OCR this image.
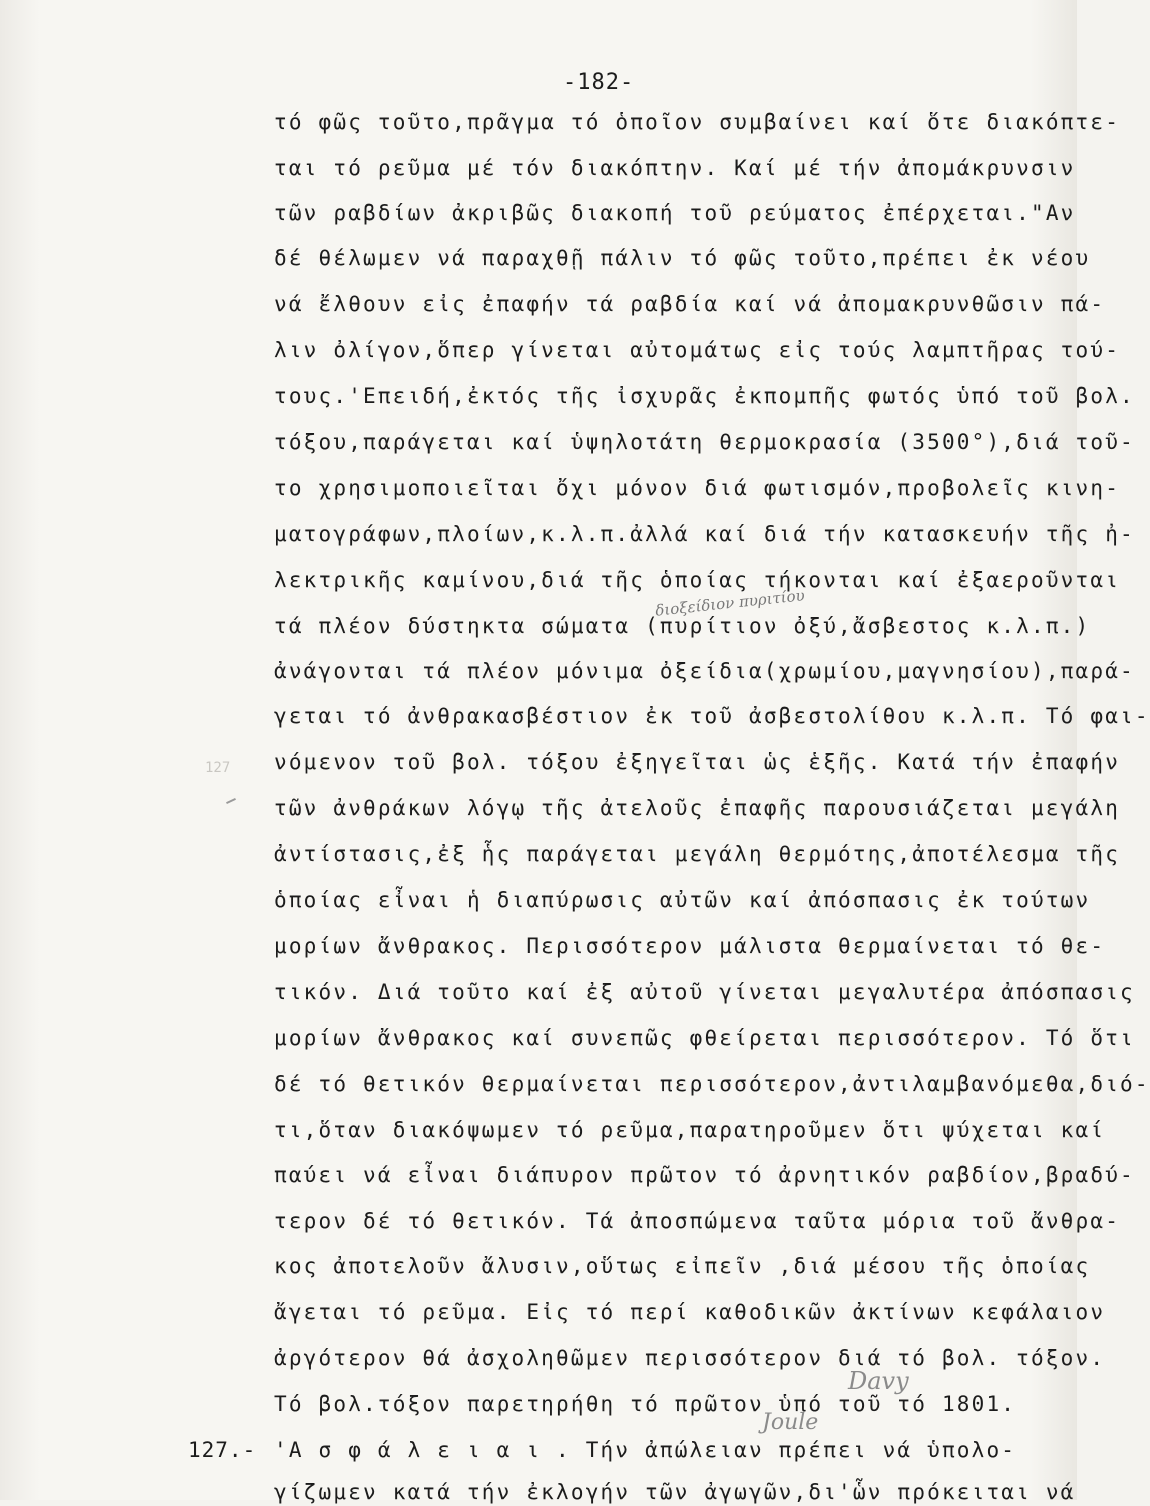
-182-
127
τό φῶς τοῦτο,πρᾶγμα τό ὁποῖον συμβαίνει καί ὅτε διακόπτε-
ται τό ρεῦμα μέ τόν διακόπτην. Καί μέ τήν ἀπομάκρυνσιν
τῶν ραβδίων ἀκριβῶς διακοπή τοῦ ρεύματος ἐπέρχεται."Αν
δέ θέλωμεν νά παραχθῇ πάλιν τό φῶς τοῦτο,πρέπει ἐκ νέου
νά ἔλθουν εἰς ἐπαφήν τά ραβδία καί νά ἀπομακρυνθῶσιν πά-
λιν ὀλίγον,ὅπερ γίνεται αὐτομάτως εἰς τούς λαμπτῆρας τού-
τους.'Επειδή,ἐκτός τῆς ἰσχυρᾶς ἐκπομπῆς φωτός ὑπό τοῦ βολ.
τόξου,παράγεται καί ὑψηλοτάτη θερμοκρασία (3500°),διά τοῦ-
το χρησιμοποιεῖται ὄχι μόνον διά φωτισμόν,προβολεῖς κινη-
ματογράφων,πλοίων,κ.λ.π.ἀλλά καί διά τήν κατασκευήν τῆς ἠ-
λεκτρικῆς καμίνου,διά τῆς ὁποίας τήκονται καί ἐξαεροῦνται
τά πλέον δύστηκτα σώματα (πυρίτιον ὀξύ,ἄσβεστος κ.λ.π.)
ἀνάγονται τά πλέον μόνιμα ὀξείδια(χρωμίου,μαγνησίου),παρά-
γεται τό ἀνθρακασβέστιον ἐκ τοῦ ἀσβεστολίθου κ.λ.π. Τό φαι-
νόμενον τοῦ βολ. τόξου ἐξηγεῖται ὡς ἑξῆς. Κατά τήν ἐπαφήν
τῶν ἀνθράκων λόγῳ τῆς ἀτελοῦς ἐπαφῆς παρουσιάζεται μεγάλη
ἀντίστασις,ἐξ ἧς παράγεται μεγάλη θερμότης,ἀποτέλεσμα τῆς
ὁποίας εἶναι ἡ διαπύρωσις αὐτῶν καί ἀπόσπασις ἐκ τούτων
μορίων ἄνθρακος. Περισσότερον μάλιστα θερμαίνεται τό θε-
τικόν. Διά τοῦτο καί ἐξ αὐτοῦ γίνεται μεγαλυτέρα ἀπόσπασις
μορίων ἄνθρακος καί συνεπῶς φθείρεται περισσότερον. Τό ὅτι
δέ τό θετικόν θερμαίνεται περισσότερον,ἀντιλαμβανόμεθα,διό-
τι,ὅταν διακόψωμεν τό ρεῦμα,παρατηροῦμεν ὅτι ψύχεται καί
παύει νά εἶναι διάπυρον πρῶτον τό ἀρνητικόν ραβδίον,βραδύ-
τερον δέ τό θετικόν. Τά ἀποσπώμενα ταῦτα μόρια τοῦ ἄνθρα-
κος ἀποτελοῦν ἄλυσιν,οὕτως εἰπεῖν ,διά μέσου τῆς ὁποίας
ἄγεται τό ρεῦμα. Εἰς τό περί καθοδικῶν ἀκτίνων κεφάλαιον
ἀργότερον θά ἀσχοληθῶμεν περισσότερον διά τό βολ. τόξον.
Τό βολ.τόξον παρετηρήθη τό πρῶτον ὑπό τοῦ τό 1801.
'Α σ φ ά λ ε ι α ι . Τήν ἀπώλειαν πρέπει νά ὑπολο-
γίζωμεν κατά τήν ἐκλογήν τῶν ἀγωγῶν,δι'ὧν πρόκειται νά
127.-
διοξείδιον πυριτίου
Davy
Joule
